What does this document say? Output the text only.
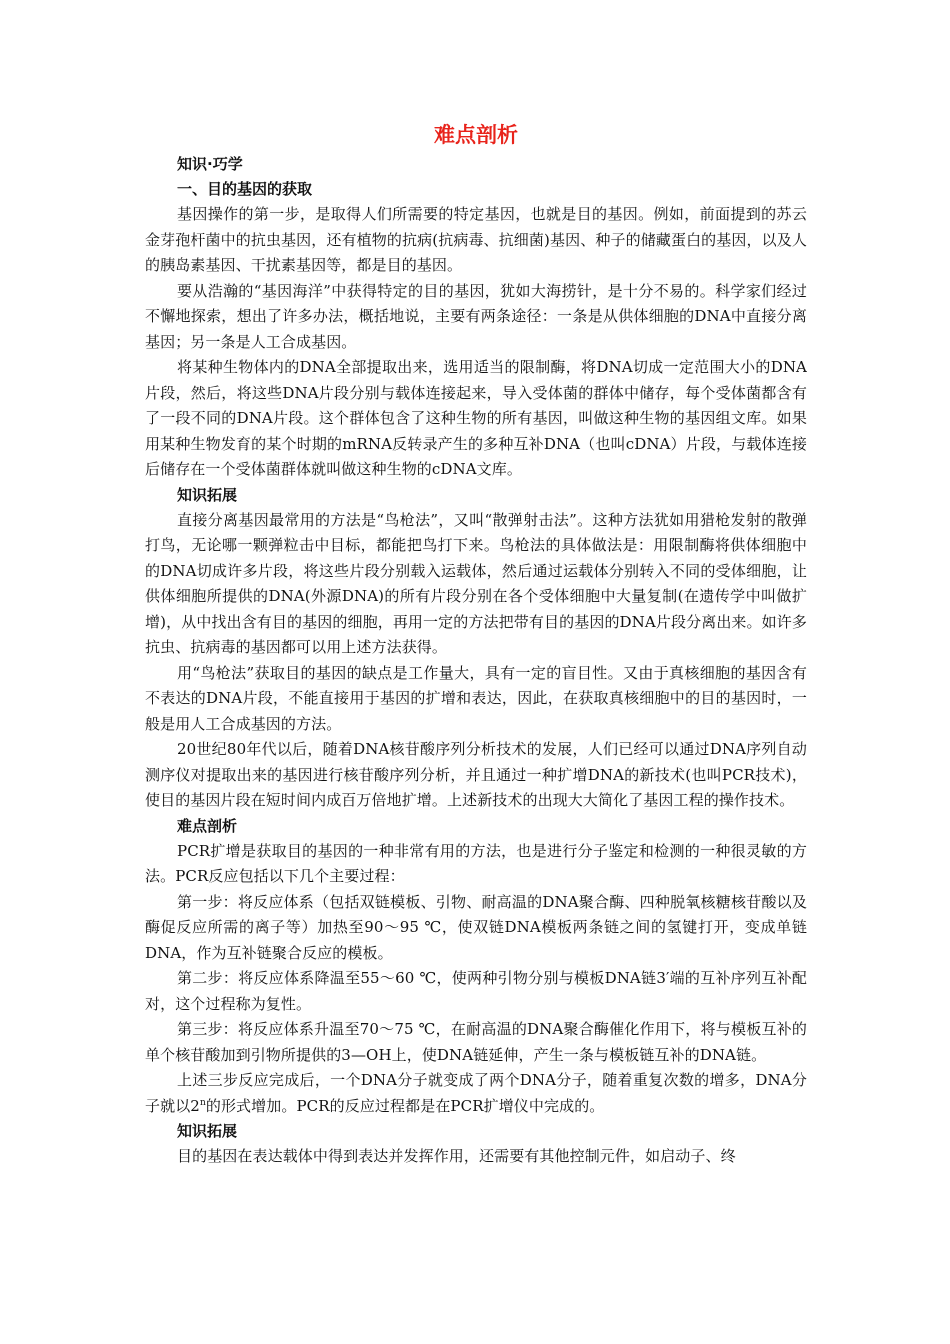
难点剖析
知识·巧学
一、目的基因的获取
基因操作的第一步，是取得人们所需要的特定基因，也就是目的基因。例如，前面提到的苏云金芽孢杆菌中的抗虫基因，还有植物的抗病(抗病毒、抗细菌)基因、种子的储藏蛋白的基因，以及人的胰岛素基因、干扰素基因等，都是目的基因。
要从浩瀚的“基因海洋”中获得特定的目的基因，犹如大海捞针，是十分不易的。科学家们经过不懈地探索，想出了许多办法，概括地说，主要有两条途径：一条是从供体细胞的DNA中直接分离基因；另一条是人工合成基因。
将某种生物体内的DNA全部提取出来，选用适当的限制酶，将DNA切成一定范围大小的DNA片段，然后，将这些DNA片段分别与载体连接起来，导入受体菌的群体中储存，每个受体菌都含有了一段不同的DNA片段。这个群体包含了这种生物的所有基因，叫做这种生物的基因组文库。如果用某种生物发育的某个时期的mRNA反转录产生的多种互补DNA（也叫cDNA）片段，与载体连接后储存在一个受体菌群体就叫做这种生物的cDNA文库。
知识拓展
直接分离基因最常用的方法是“鸟枪法”，又叫“散弹射击法”。这种方法犹如用猎枪发射的散弹打鸟，无论哪一颗弹粒击中目标，都能把鸟打下来。鸟枪法的具体做法是：用限制酶将供体细胞中的DNA切成许多片段，将这些片段分别载入运载体，然后通过运载体分别转入不同的受体细胞，让供体细胞所提供的DNA(外源DNA)的所有片段分别在各个受体细胞中大量复制(在遗传学中叫做扩增)，从中找出含有目的基因的细胞，再用一定的方法把带有目的基因的DNA片段分离出来。如许多抗虫、抗病毒的基因都可以用上述方法获得。
用“鸟枪法”获取目的基因的缺点是工作量大，具有一定的盲目性。又由于真核细胞的基因含有不表达的DNA片段，不能直接用于基因的扩增和表达，因此，在获取真核细胞中的目的基因时，一般是用人工合成基因的方法。
20世纪80年代以后，随着DNA核苷酸序列分析技术的发展，人们已经可以通过DNA序列自动测序仪对提取出来的基因进行核苷酸序列分析，并且通过一种扩增DNA的新技术(也叫PCR技术)，使目的基因片段在短时间内成百万倍地扩增。上述新技术的出现大大简化了基因工程的操作技术。
难点剖析
PCR扩增是获取目的基因的一种非常有用的方法，也是进行分子鉴定和检测的一种很灵敏的方法。PCR反应包括以下几个主要过程：
第一步：将反应体系（包括双链模板、引物、耐高温的DNA聚合酶、四种脱氧核糖核苷酸以及酶促反应所需的离子等）加热至90～95 ℃，使双链DNA模板两条链之间的氢键打开，变成单链DNA，作为互补链聚合反应的模板。
第二步：将反应体系降温至55～60 ℃，使两种引物分别与模板DNA链3′端的互补序列互补配对，这个过程称为复性。
第三步：将反应体系升温至70～75 ℃，在耐高温的DNA聚合酶催化作用下，将与模板互补的单个核苷酸加到引物所提供的3—OH上，使DNA链延伸，产生一条与模板链互补的DNA链。
上述三步反应完成后，一个DNA分子就变成了两个DNA分子，随着重复次数的增多，DNA分子就以2$^n$的形式增加。PCR的反应过程都是在PCR扩增仪中完成的。
知识拓展
目的基因在表达载体中得到表达并发挥作用，还需要有其他控制元件，如启动子、终
